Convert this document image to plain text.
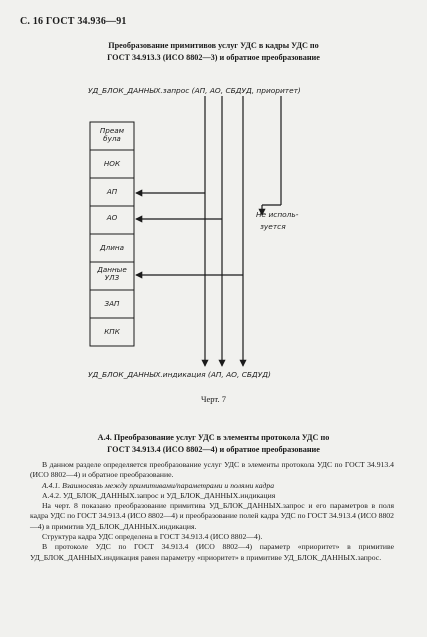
С. 16 ГОСТ 34.936—91
Преобразование примитивов услуг УДС в кадры УДС по
ГОСТ 34.913.3 (ИСО 8802—3) и обратное преобразование
УД_БЛОК_ДАННЫХ.запрос (АП, АО, СБДУД, приоритет)
Преам
була
НОК
АП
АО
Длина
Данные
УЛЗ
ЗАП
КПК
Не исполь-
зуется
УД_БЛОК_ДАННЫХ.индикация (АП, АО, СБДУД)
Черт. 7
А.4. Преобразование услуг УДС в элементы протокола УДС по
ГОСТ 34.913.4 (ИСО 8802—4) и обратное преобразование

В данном разделе определяется преобразование услуг УДС в элементы протокола УДС по ГОСТ 34.913.4 (ИСО 8802—4) и обратное преобразование.

А.4.1. Взаимосвязь между примитивами/параметрами и полями кадра

А.4.2. УД_БЛОК_ДАННЫХ.запрос и УД_БЛОК_ДАННЫХ.индикация

На черт. 8 показано преобразование примитива УД_БЛОК_ДАННЫХ.запрос и его параметров в поля кадра УДС по ГОСТ 34.913.4 (ИСО 8802—4) и преобразование полей кадра УДС по ГОСТ 34.913.4 (ИСО 8802—4) в примитив УД_БЛОК_ДАННЫХ.индикация.

Структура кадра УДС определена в ГОСТ 34.913.4 (ИСО 8802—4).

В протоколе УДС по ГОСТ 34.913.4 (ИСО 8802—4) параметр «приоритет» в примитиве УД_БЛОК_ДАННЫХ.индикация равен параметру «приоритет» в примитиве УД_БЛОК_ДАННЫХ.запрос.
